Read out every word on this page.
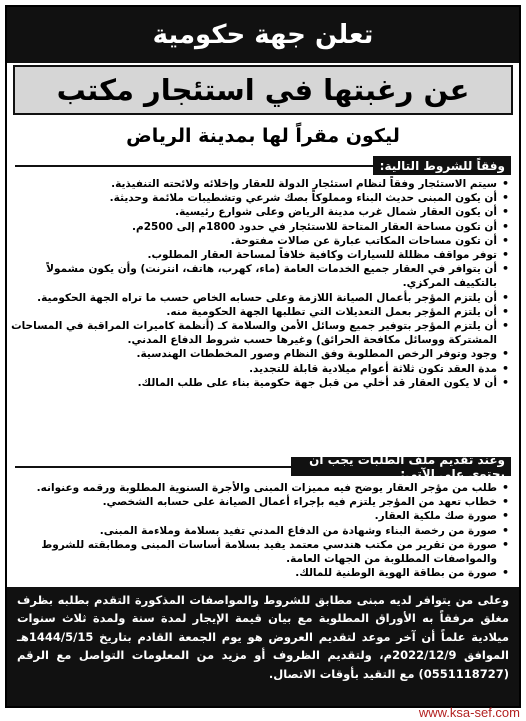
تعلن جهة حكومية
عن رغبتها في استئجار مكتب
ليكون مقراً لها بمدينة الرياض
وفقاً للشروط التالية:
• سيتم الاستئجار وفقاً لنظام استئجار الدولة للعقار وإخلائه ولائحته التنفيذية.
• أن يكون المبنى حديث البناء ومملوكاً بصك شرعي وتشطيبات ملائمة وحديثة.
• أن يكون العقار شمال غرب مدينة الرياض وعلى شوارع رئيسية.
• أن تكون مساحة العقار المتاحة للاستئجار في حدود 1800م إلى 2500م.
• أن تكون مساحات المكاتب عبارة عن صالات مفتوحة.
• توفر مواقف مظللة للسيارات وكافية خلافاً لمساحة العقار المطلوب.
• أن يتوافر في العقار جميع الخدمات العامة (ماء، كهرب، هاتف، انترنت) وأن يكون مشمولاً بالتكييف المركزي.
• أن يلتزم المؤجر بأعمال الصيانة اللازمة وعلى حسابه الخاص حسب ما تراه الجهة الحكومية.
• أن يلتزم المؤجر بعمل التعديلات التي تطلبها الجهة الحكومية منه.
• أن يلتزم المؤجر بتوفير جميع وسائل الأمن والسلامة كـ (أنظمة كاميرات المراقبة في المساحات المشتركة ووسائل مكافحة الحرائق) وغيرها حسب شروط الدفاع المدني.
• وجود وتوفر الرخص المطلوبة وفق النظام وصور المخططات الهندسية.
• مدة العقد تكون ثلاثة أعوام ميلادية قابلة للتجديد.
• أن لا يكون العقار قد أخلي من قبل جهة حكومية بناء على طلب المالك.
وعند تقديم ملف الطلبات يجب أن يحتوي على الآتي:
• طلب من مؤجر العقار يوضح فيه مميزات المبنى والأجرة السنوية المطلوبة ورقمه وعنوانه.
• خطاب تعهد من المؤجر يلتزم فيه بإجراء أعمال الصيانة على حسابه الشخصي.
• صورة صك ملكية العقار.
• صورة من رخصة البناء وشهادة من الدفاع المدني تفيد بسلامة وملاءمة المبنى.
• صورة من تقرير من مكتب هندسي معتمد يفيد بسلامة أساسات المبنى ومطابقته للشروط والمواصفات المطلوبة من الجهات العامة.
• صورة من بطاقة الهوية الوطنية للمالك.
وعلى من يتوافر لديه مبنى مطابق للشروط والمواصفات المذكورة التقدم بطلبه بظرف مغلق مرفقاً به الأوراق المطلوبة مع بيان قيمة الإيجار لمدة سنة ولمدة ثلاث سنوات ميلادية علماً أن آخر موعد لتقديم العروض هو يوم الجمعة القادم بتاريخ 1444/5/15هـ الموافق 2022/12/9م، ولتقديم الظروف أو مزيد من المعلومات التواصل مع الرقم (0551118727) مع التقيد بأوقات الاتصال.
www.ksa-sef.com
